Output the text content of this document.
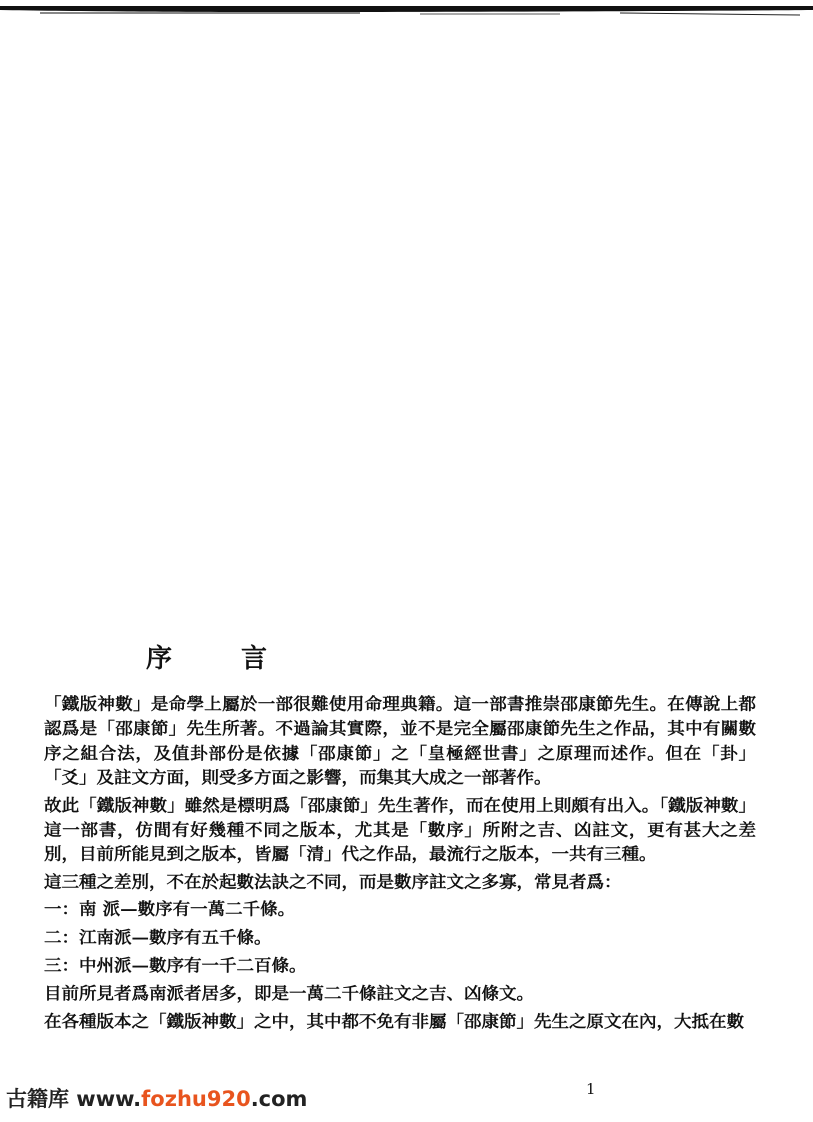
序 言

「鐵版神數」是命學上屬於一部很難使用命理典籍。這一部書推崇邵康節先生。在傳說上都認爲是「邵康節」先生所著。不過論其實際，並不是完全屬邵康節先生之作品，其中有關數序之組合法，及值卦部份是依據「邵康節」之「皇極經世書」之原理而述作。但在「卦」「爻」及註文方面，則受多方面之影響，而集其大成之一部著作。

故此「鐵版神數」雖然是標明爲「邵康節」先生著作，而在使用上則頗有出入。「鐵版神數」這一部書，仿間有好幾種不同之版本，尤其是「數序」所附之吉、凶註文，更有甚大之差別，目前所能見到之版本，皆屬「清」代之作品，最流行之版本，一共有三種。

這三種之差別，不在於起數法訣之不同，而是數序註文之多寡，常見者爲：

一：南 派—數序有一萬二千條。

二：江南派—數序有五千條。

三：中州派—數序有一千二百條。

目前所見者爲南派者居多，即是一萬二千條註文之吉、凶條文。

在各種版本之「鐵版神數」之中，其中都不免有非屬「邵康節」先生之原文在內，大抵在數

古籍库 www.fozhu920.com	1
